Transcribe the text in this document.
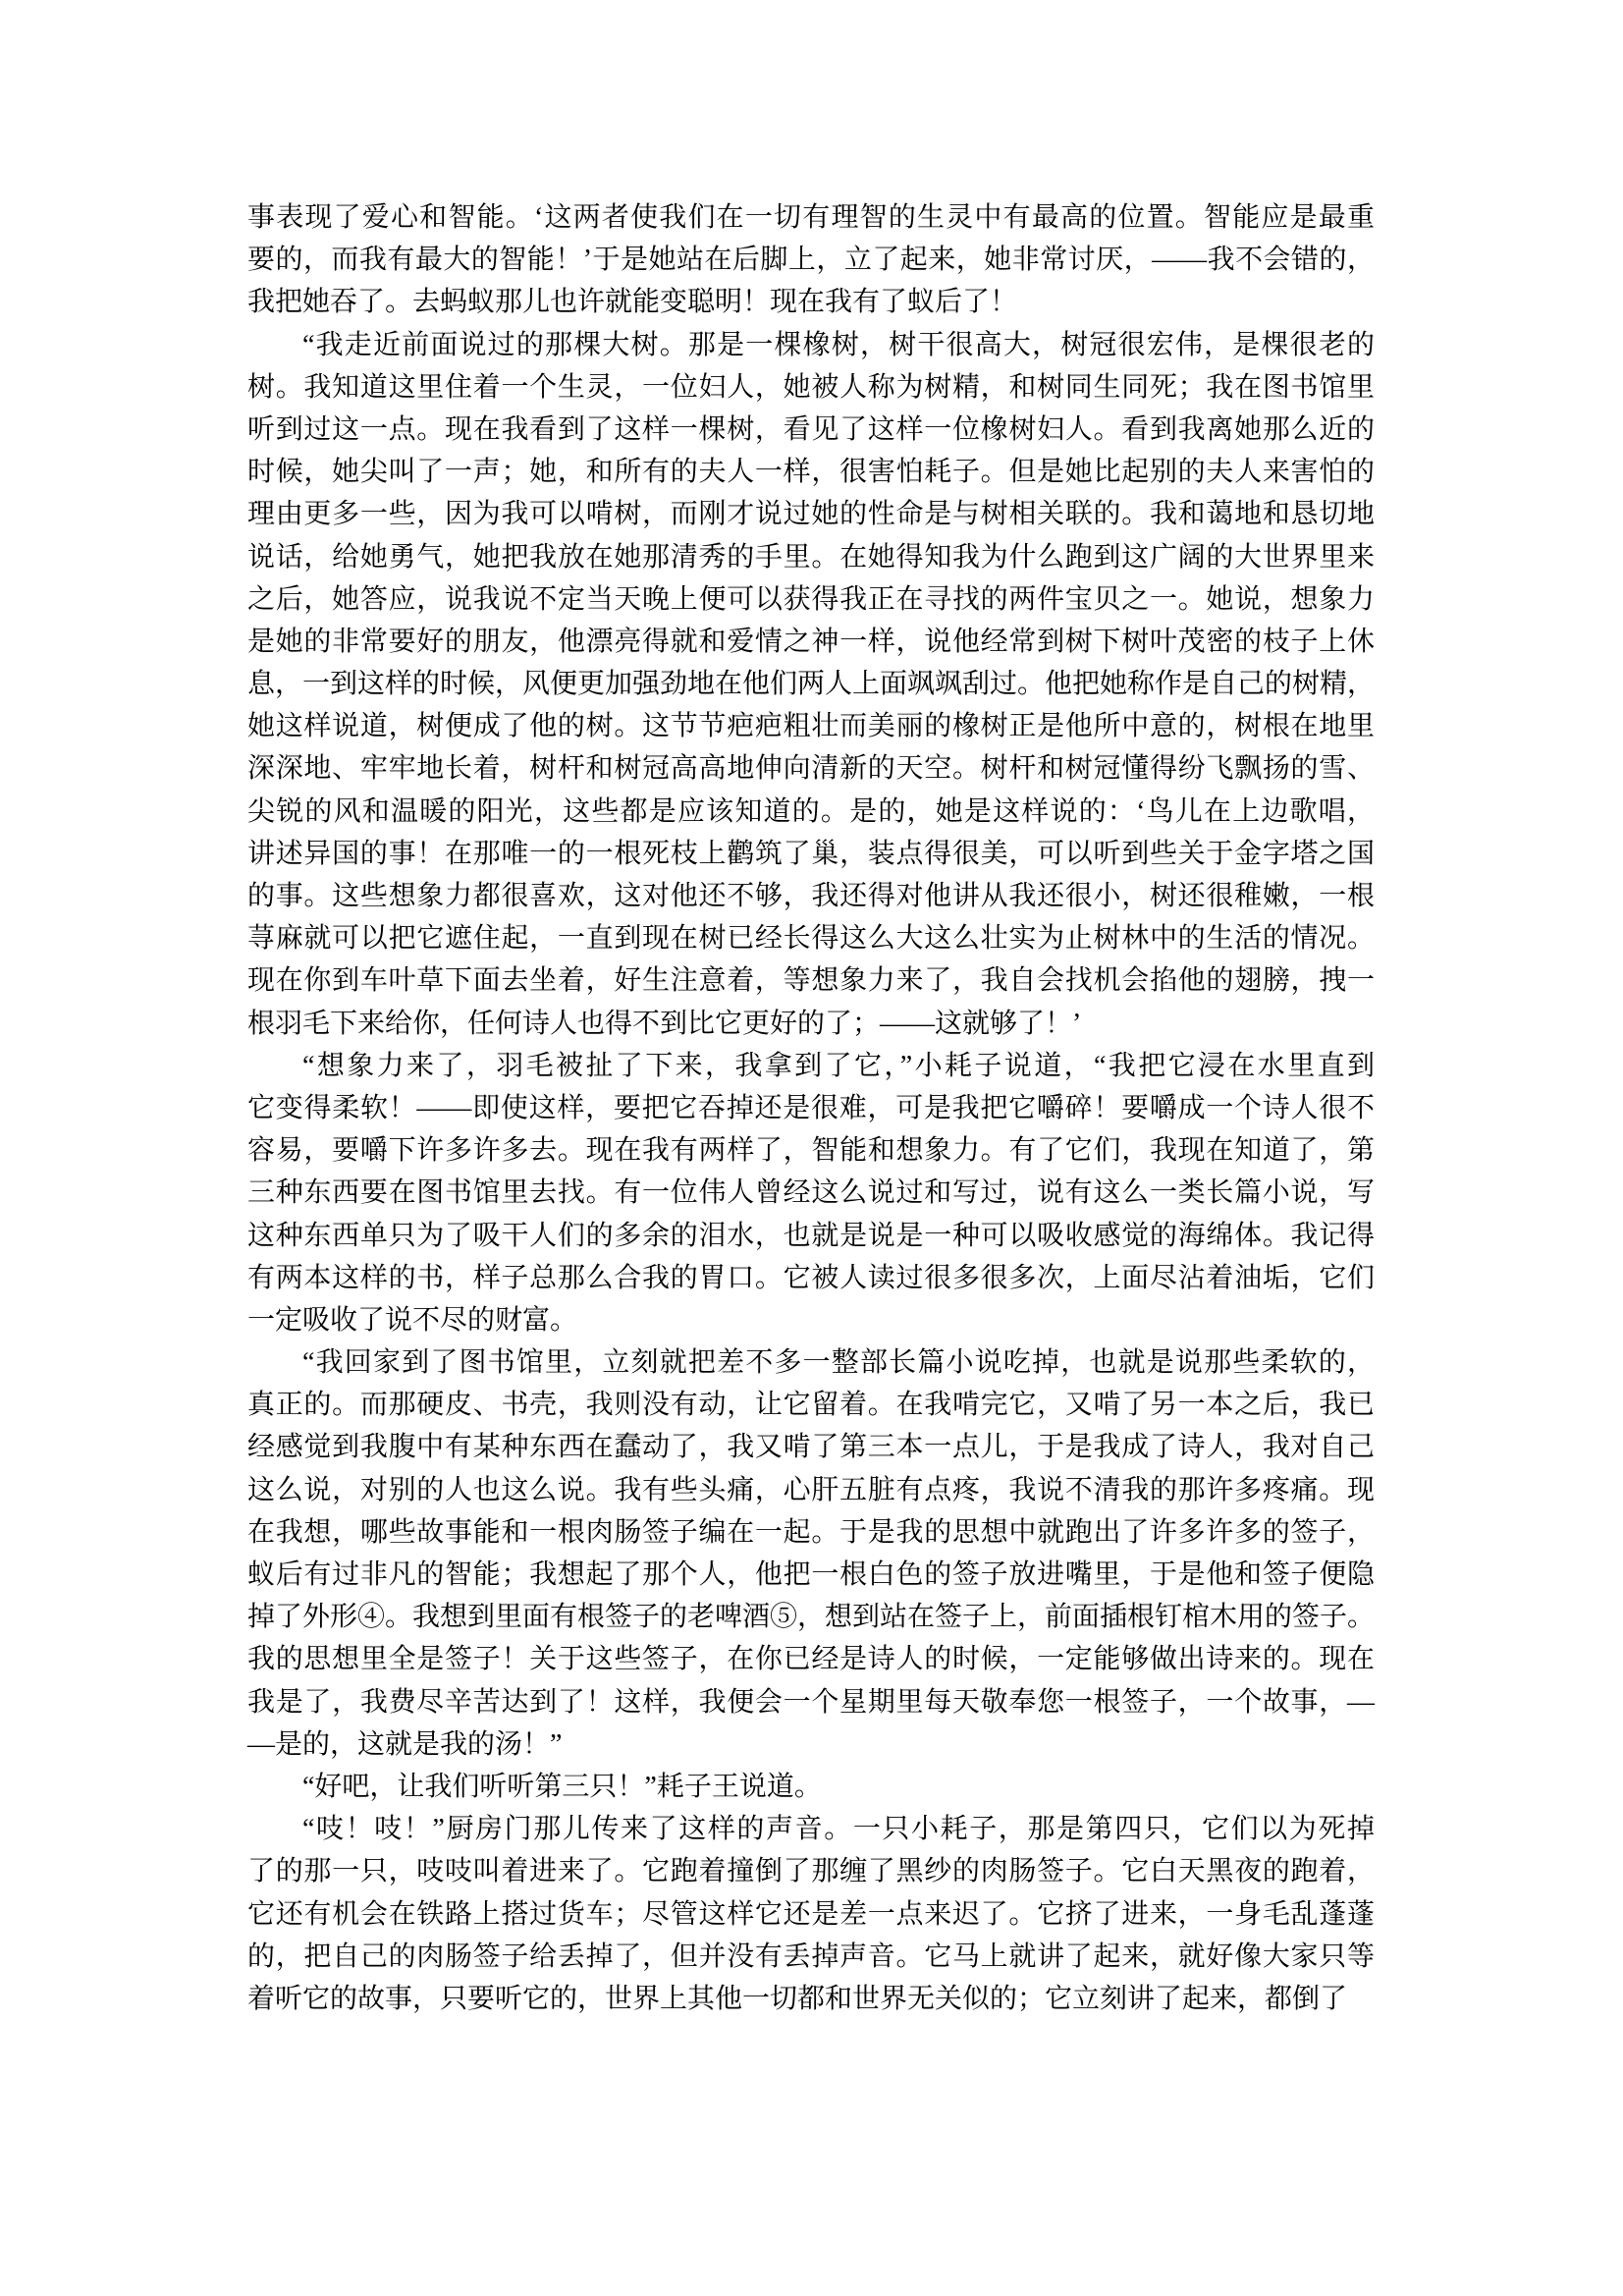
事表现了爱心和智能。‘这两者使我们在一切有理智的生灵中有最高的位置。智能应是最重
要的，而我有最大的智能！’于是她站在后脚上，立了起来，她非常讨厌，——我不会错的，
我把她吞了。去蚂蚁那儿也许就能变聪明！现在我有了蚁后了！
“我走近前面说过的那棵大树。那是一棵橡树，树干很高大，树冠很宏伟，是棵很老的
树。我知道这里住着一个生灵，一位妇人，她被人称为树精，和树同生同死；我在图书馆里
听到过这一点。现在我看到了这样一棵树，看见了这样一位橡树妇人。看到我离她那么近的
时候，她尖叫了一声；她，和所有的夫人一样，很害怕耗子。但是她比起别的夫人来害怕的
理由更多一些，因为我可以啃树，而刚才说过她的性命是与树相关联的。我和蔼地和恳切地
说话，给她勇气，她把我放在她那清秀的手里。在她得知我为什么跑到这广阔的大世界里来
之后，她答应，说我说不定当天晚上便可以获得我正在寻找的两件宝贝之一。她说，想象力
是她的非常要好的朋友，他漂亮得就和爱情之神一样，说他经常到树下树叶茂密的枝子上休
息，一到这样的时候，风便更加强劲地在他们两人上面飒飒刮过。他把她称作是自己的树精，
她这样说道，树便成了他的树。这节节疤疤粗壮而美丽的橡树正是他所中意的，树根在地里
深深地、牢牢地长着，树杆和树冠高高地伸向清新的天空。树杆和树冠懂得纷飞飘扬的雪、
尖锐的风和温暖的阳光，这些都是应该知道的。是的，她是这样说的：‘鸟儿在上边歌唱，
讲述异国的事！在那唯一的一根死枝上鹳筑了巢，装点得很美，可以听到些关于金字塔之国
的事。这些想象力都很喜欢，这对他还不够，我还得对他讲从我还很小，树还很稚嫩，一根
荨麻就可以把它遮住起，一直到现在树已经长得这么大这么壮实为止树林中的生活的情况。
现在你到车叶草下面去坐着，好生注意着，等想象力来了，我自会找机会掐他的翅膀，拽一
根羽毛下来给你，任何诗人也得不到比它更好的了；——这就够了！’
“想象力来了，羽毛被扯了下来，我拿到了它，”小耗子说道，“我把它浸在水里直到
它变得柔软！——即使这样，要把它吞掉还是很难，可是我把它嚼碎！要嚼成一个诗人很不
容易，要嚼下许多许多去。现在我有两样了，智能和想象力。有了它们，我现在知道了，第
三种东西要在图书馆里去找。有一位伟人曾经这么说过和写过，说有这么一类长篇小说，写
这种东西单只为了吸干人们的多余的泪水，也就是说是一种可以吸收感觉的海绵体。我记得
有两本这样的书，样子总那么合我的胃口。它被人读过很多很多次，上面尽沾着油垢，它们
一定吸收了说不尽的财富。
“我回家到了图书馆里，立刻就把差不多一整部长篇小说吃掉，也就是说那些柔软的，
真正的。而那硬皮、书壳，我则没有动，让它留着。在我啃完它，又啃了另一本之后，我已
经感觉到我腹中有某种东西在蠢动了，我又啃了第三本一点儿，于是我成了诗人，我对自己
这么说，对别的人也这么说。我有些头痛，心肝五脏有点疼，我说不清我的那许多疼痛。现
在我想，哪些故事能和一根肉肠签子编在一起。于是我的思想中就跑出了许多许多的签子，
蚁后有过非凡的智能；我想起了那个人，他把一根白色的签子放进嘴里，于是他和签子便隐
掉了外形④。我想到里面有根签子的老啤酒⑤，想到站在签子上，前面插根钉棺木用的签子。
我的思想里全是签子！关于这些签子，在你已经是诗人的时候，一定能够做出诗来的。现在
我是了，我费尽辛苦达到了！这样，我便会一个星期里每天敬奉您一根签子，一个故事，—
—是的，这就是我的汤！”
“好吧，让我们听听第三只！”耗子王说道。
“吱！吱！”厨房门那儿传来了这样的声音。一只小耗子，那是第四只，它们以为死掉
了的那一只，吱吱叫着进来了。它跑着撞倒了那缠了黑纱的肉肠签子。它白天黑夜的跑着，
它还有机会在铁路上搭过货车；尽管这样它还是差一点来迟了。它挤了进来，一身毛乱蓬蓬
的，把自己的肉肠签子给丢掉了，但并没有丢掉声音。它马上就讲了起来，就好像大家只等
着听它的故事，只要听它的，世界上其他一切都和世界无关似的；它立刻讲了起来，都倒了
